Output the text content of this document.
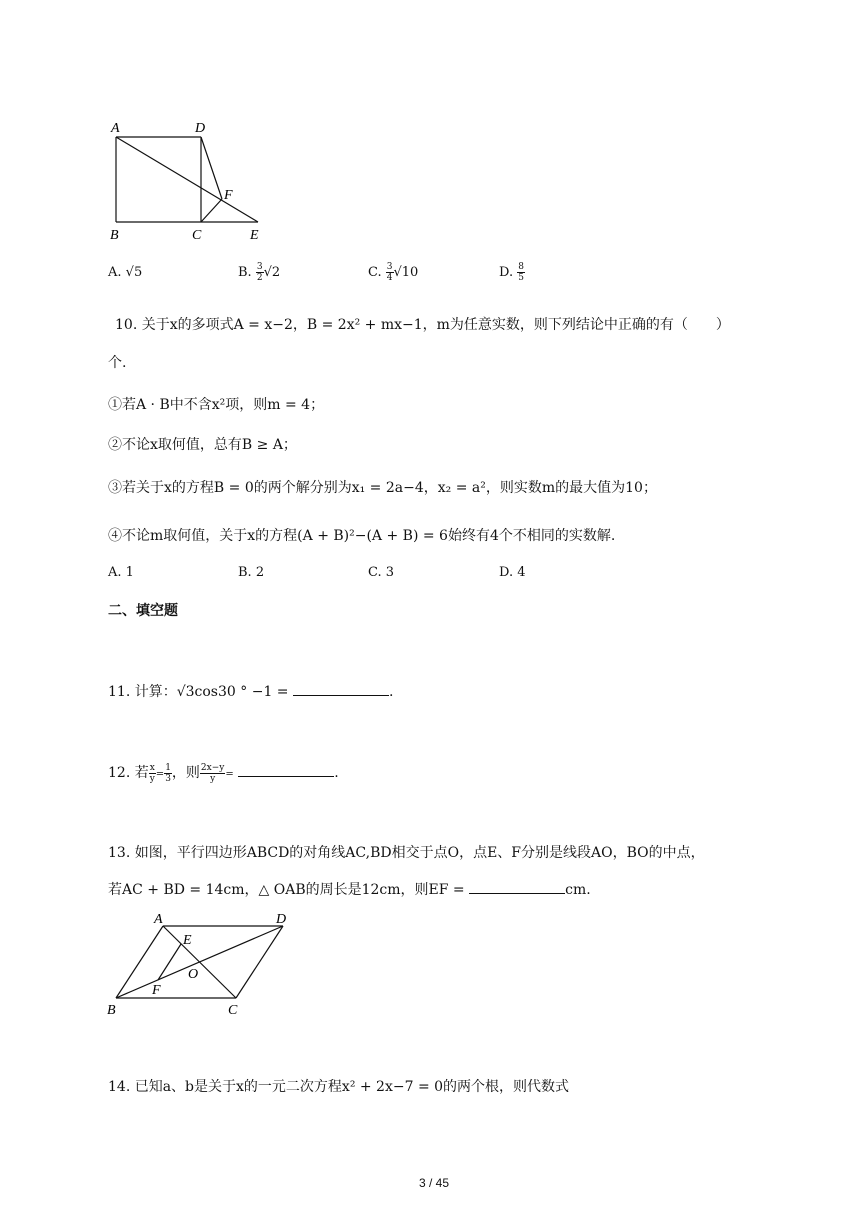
A	D
F
B	C	E
A. √5	B. $\frac{3}{2} √2$	C. $\frac{3}{4} √10$	D. $\frac{8}{5}$
10. 关于x的多项式A = x−2，B = 2x² + mx−1，m为任意实数，则下列结论中正确的有（　　）
个.
①若A · B中不含x²项，则m = 4；
②不论x取何值，总有B ≥ A；
③若关于x的方程B = 0的两个解分别为x₁ = 2a−4，x₂ = a²，则实数m的最大值为10；
④不论m取何值，关于x的方程(A + B)²−(A + B) = 6始终有4个不相同的实数解.
A. 1	B. 2	C. 3	D. 4
二、填空题
11. 计算：√3cos30 ° −1 =	.
12. 若 $\frac{x}{y} = \frac{1}{3}$ ，则 $\frac{2x-y}{y}$ =	.
13. 如图，平行四边形ABCD的对角线AC,BD相交于点O，点E、F分别是线段AO，BO的中点，
若AC + BD = 14cm，△ OAB的周长是12cm，则EF =	cm.
A	D
E
O
F
B	C
14. 已知a、b是关于x的一元二次方程x² + 2x−7 = 0的两个根，则代数式
3 / 45
